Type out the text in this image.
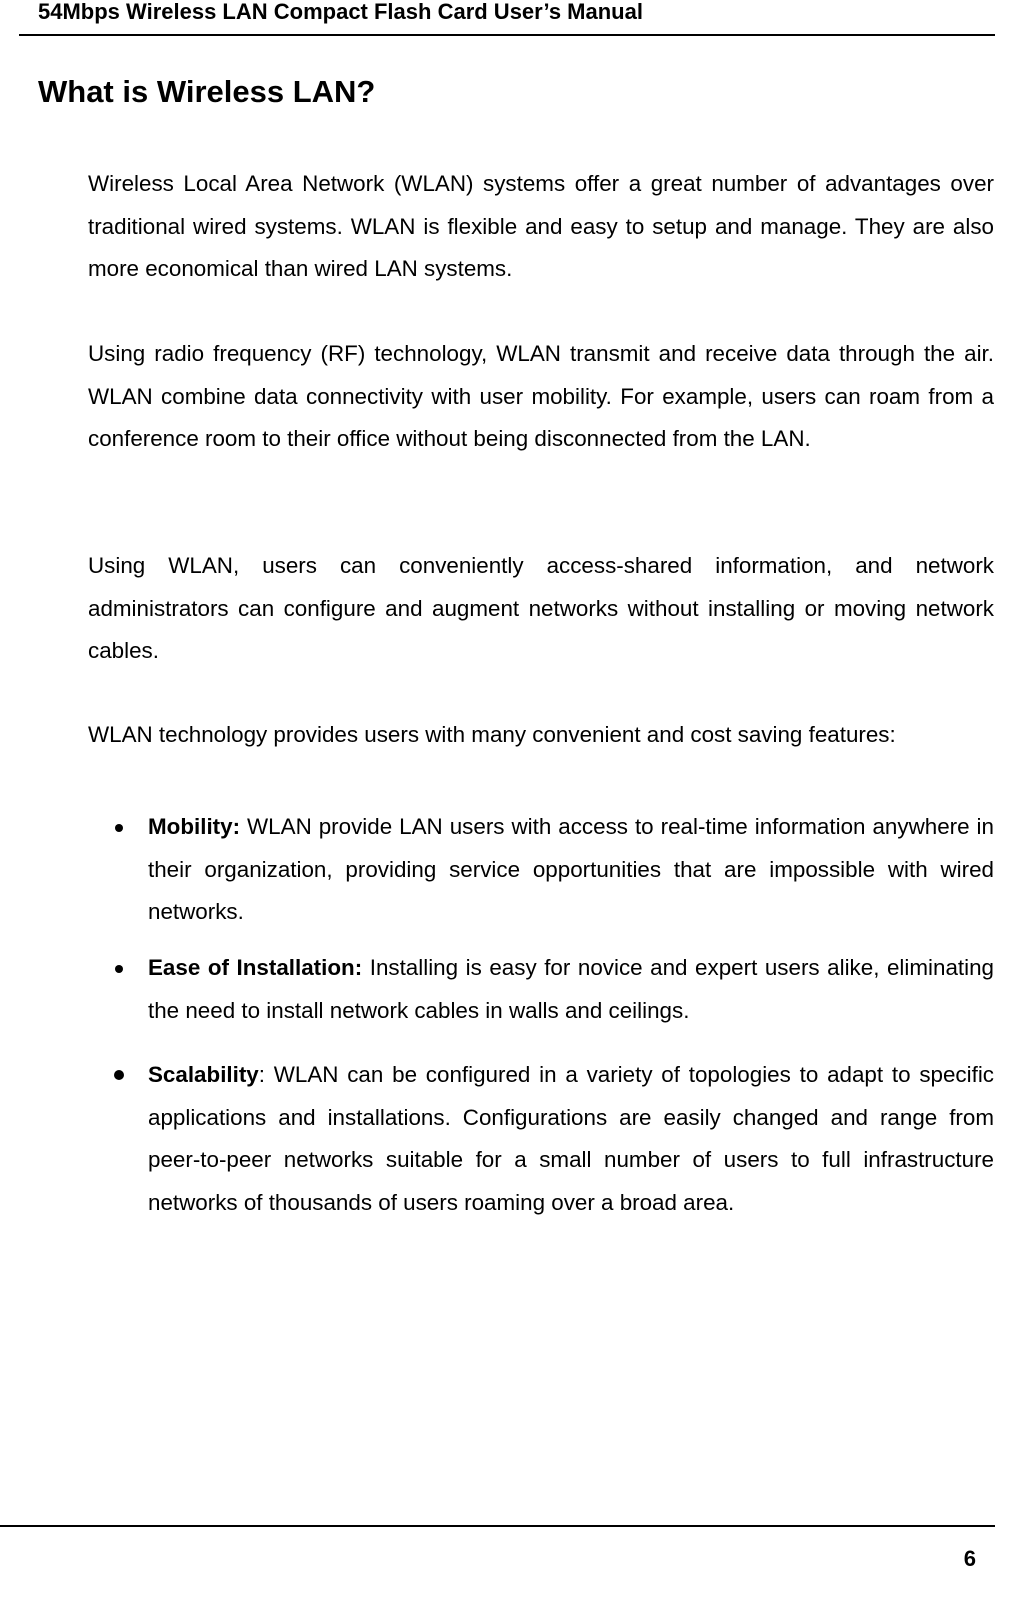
54Mbps Wireless LAN Compact Flash Card User’s Manual
What is Wireless LAN?

Wireless Local Area Network (WLAN) systems offer a great number of advantages over traditional wired systems. WLAN is flexible and easy to setup and manage. They are also more economical than wired LAN systems.

Using radio frequency (RF) technology, WLAN transmit and receive data through the air. WLAN combine data connectivity with user mobility. For example, users can roam from a conference room to their office without being disconnected from the LAN.

Using WLAN, users can conveniently access-shared information, and network administrators can configure and augment networks without installing or moving network cables.

WLAN technology provides users with many convenient and cost saving features:

Mobility: WLAN provide LAN users with access to real-time information anywhere in their organization, providing service opportunities that are impossible with wired networks.
Ease of Installation: Installing is easy for novice and expert users alike, eliminating the need to install network cables in walls and ceilings.
Scalability: WLAN can be configured in a variety of topologies to adapt to specific applications and installations. Configurations are easily changed and range from peer-to-peer networks suitable for a small number of users to full infrastructure networks of thousands of users roaming over a broad area.
6
